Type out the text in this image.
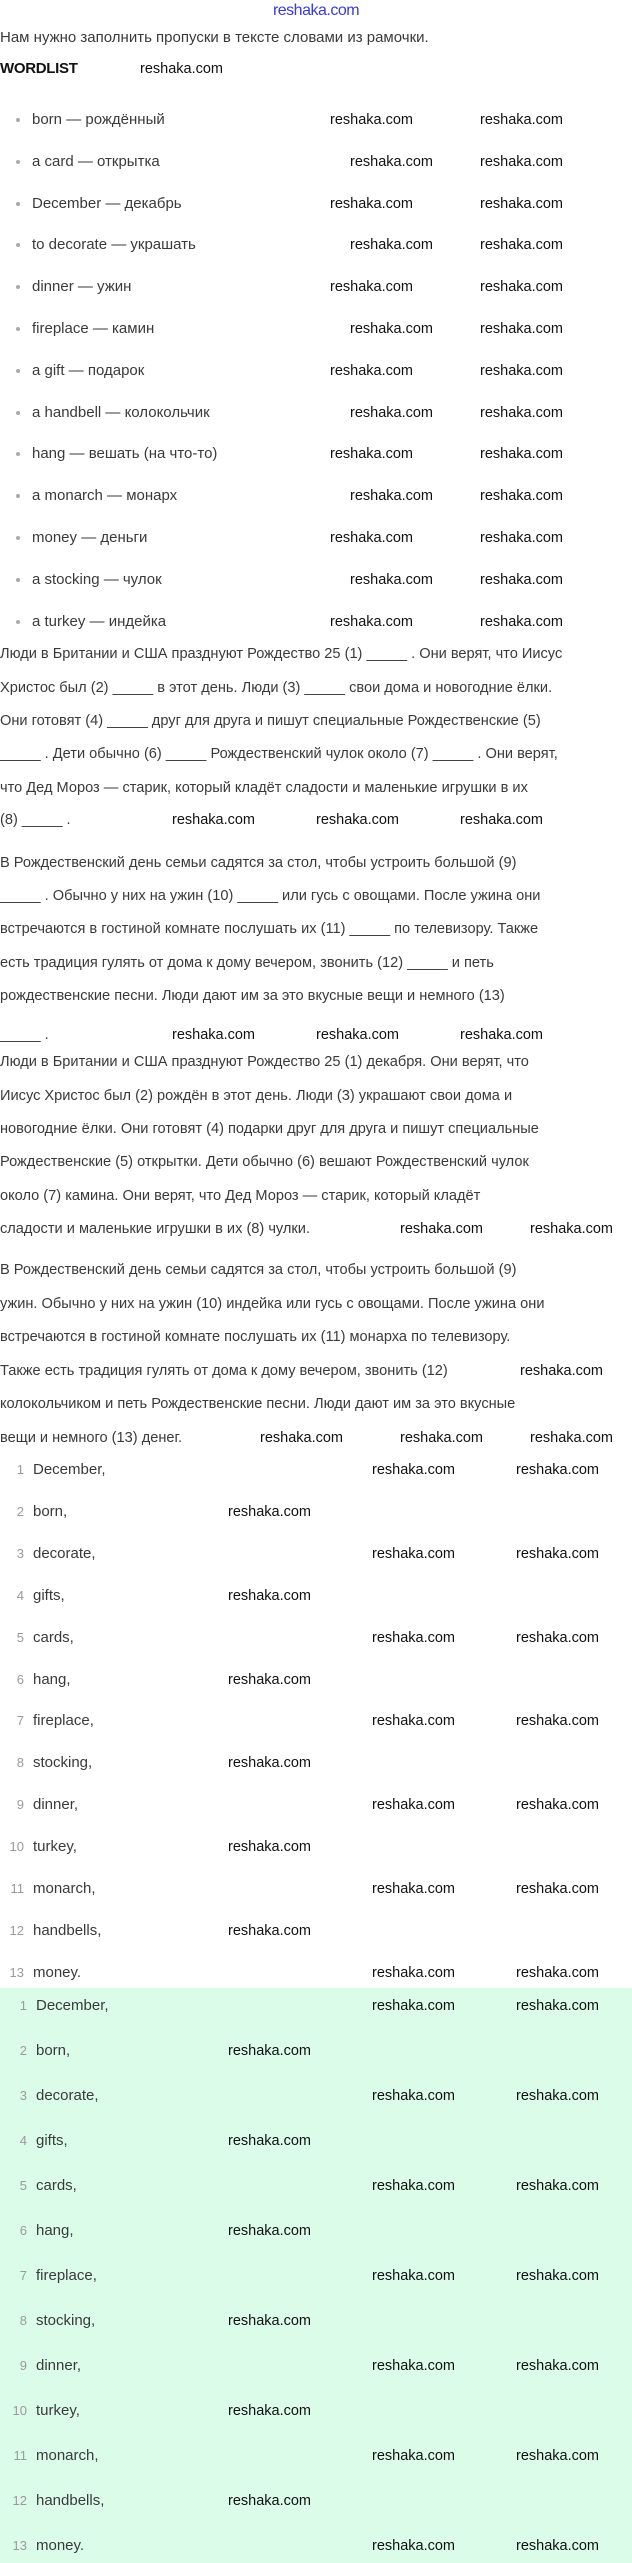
reshaka.com
Нам нужно заполнить пропуски в тексте словами из рамочки.
WORDLIST
born — рождённый
a card — открытка
December — декабрь
to decorate — украшать
dinner — ужин
fireplace — камин
a gift — подарок
a handbell — колокольчик
hang — вешать (на что-то)
a monarch — монарх
money — деньги
a stocking — чулок
a turkey — индейка
Люди в Британии и США празднуют Рождество 25 (1) _____ . Они верят, что Иисус
Христос был (2) _____ в этот день. Люди (3) _____ свои дома и новогодние ёлки.
Они готовят (4) _____ друг для друга и пишут специальные Рождественские (5)
_____ . Дети обычно (6) _____ Рождественский чулок около (7) _____ . Они верят,
что Дед Мороз — старик, который кладёт сладости и маленькие игрушки в их
(8) _____ .
В Рождественский день семьи садятся за стол, чтобы устроить большой (9)
_____ . Обычно у них на ужин (10) _____ или гусь с овощами. После ужина они
встречаются в гостиной комнате послушать их (11) _____ по телевизору. Также
есть традиция гулять от дома к дому вечером, звонить (12) _____ и петь
рождественские песни. Люди дают им за это вкусные вещи и немного (13)
_____ .
Люди в Британии и США празднуют Рождество 25 (1) декабря. Они верят, что
Иисус Христос был (2) рождён в этот день. Люди (3) украшают свои дома и
новогодние ёлки. Они готовят (4) подарки друг для друга и пишут специальные
Рождественские (5) открытки. Дети обычно (6) вешают Рождественский чулок
около (7) камина. Они верят, что Дед Мороз — старик, который кладёт
сладости и маленькие игрушки в их (8) чулки.
В Рождественский день семьи садятся за стол, чтобы устроить большой (9)
ужин. Обычно у них на ужин (10) индейка или гусь с овощами. После ужина они
встречаются в гостиной комнате послушать их (11) монарха по телевизору.
Также есть традиция гулять от дома к дому вечером, звонить (12)
колокольчиком и петь Рождественские песни. Люди дают им за это вкусные
вещи и немного (13) денег.
1 December,
2 born,
3 decorate,
4 gifts,
5 cards,
6 hang,
7 fireplace,
8 stocking,
9 dinner,
10 turkey,
11 monarch,
12 handbells,
13 money.
1 December,
2 born,
3 decorate,
4 gifts,
5 cards,
6 hang,
7 fireplace,
8 stocking,
9 dinner,
10 turkey,
11 monarch,
12 handbells,
13 money.
reshaka.com	reshaka.com
reshaka.com	reshaka.com
reshaka.com	reshaka.com
reshaka.com	reshaka.com
reshaka.com	reshaka.com
reshaka.com	reshaka.com
reshaka.com	reshaka.com
reshaka.com	reshaka.com
reshaka.com	reshaka.com
reshaka.com	reshaka.com
reshaka.com	reshaka.com
reshaka.com	reshaka.com
reshaka.com	reshaka.com
reshaka.com
reshaka.com	reshaka.com	reshaka.com
reshaka.com	reshaka.com	reshaka.com
reshaka.com	reshaka.com
reshaka.com
reshaka.com	reshaka.com	reshaka.com
reshaka.com	reshaka.com
reshaka.com
reshaka.com	reshaka.com
reshaka.com
reshaka.com	reshaka.com
reshaka.com
reshaka.com	reshaka.com
reshaka.com
reshaka.com	reshaka.com
reshaka.com
reshaka.com	reshaka.com
reshaka.com
reshaka.com	reshaka.com
reshaka.com	reshaka.com
reshaka.com
reshaka.com	reshaka.com
reshaka.com
reshaka.com	reshaka.com
reshaka.com
reshaka.com	reshaka.com
reshaka.com
reshaka.com	reshaka.com
reshaka.com
reshaka.com	reshaka.com
reshaka.com
reshaka.com	reshaka.com
